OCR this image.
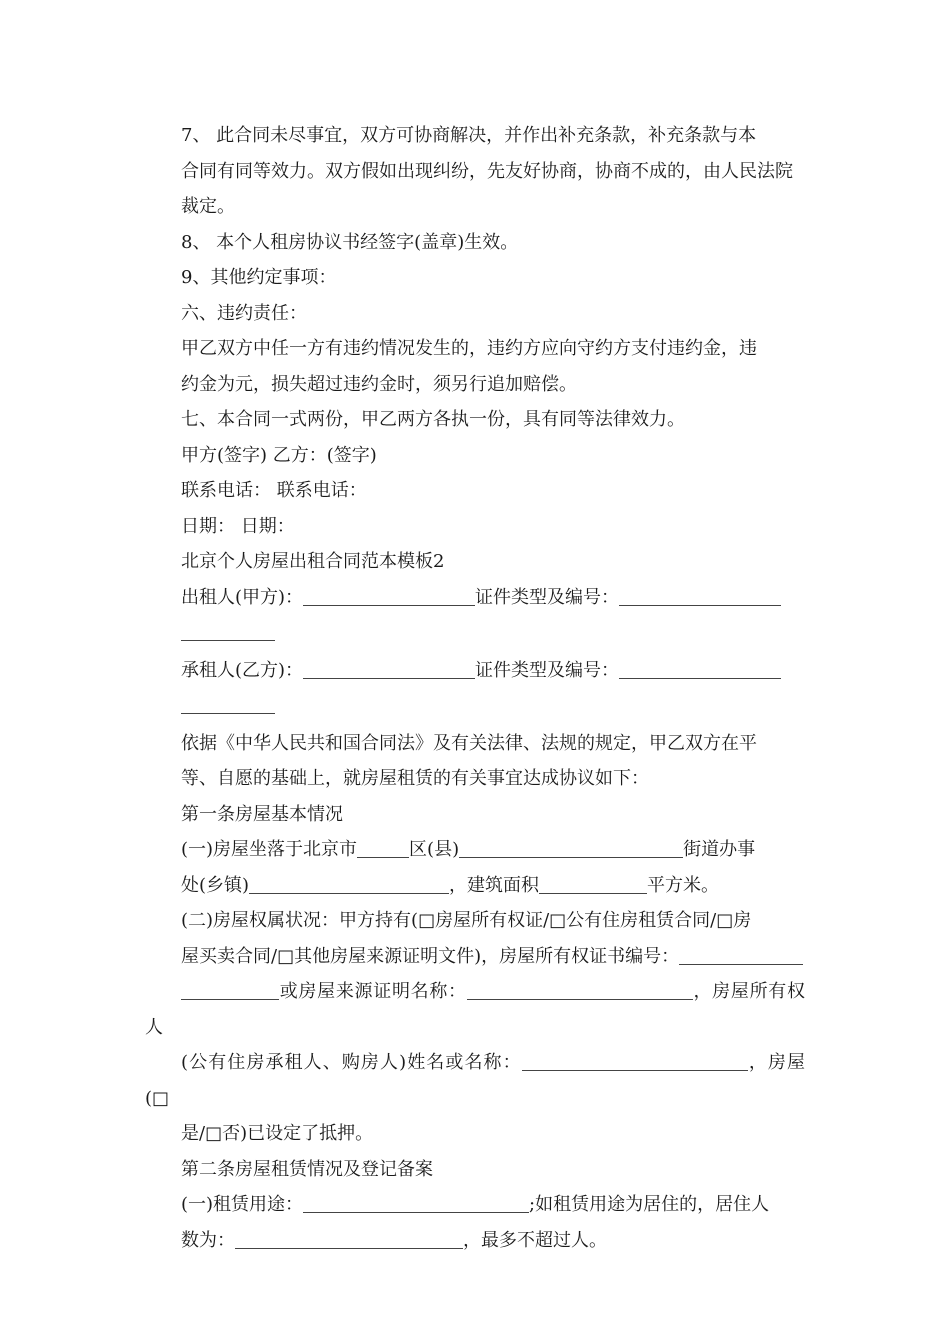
7、 此合同未尽事宜，双方可协商解决，并作出补充条款，补充条款与本
合同有同等效力。双方假如出现纠纷，先友好协商，协商不成的，由人民法院
裁定。

8、 本个人租房协议书经签字(盖章)生效。

9、其他约定事项：

六、违约责任：

甲乙双方中任一方有违约情况发生的，违约方应向守约方支付违约金，违
约金为元，损失超过违约金时，须另行追加赔偿。

七、本合同一式两份，甲乙两方各执一份，具有同等法律效力。

甲方(签字) 乙方：(签字)

联系电话： 联系电话：

日期： 日期：

北京个人房屋出租合同范本模板2

出租人(甲方)：	证件类型及编号：

承租人(乙方)：	证件类型及编号：

依据《中华人民共和国合同法》及有关法律、法规的规定，甲乙双方在平
等、自愿的基础上，就房屋租赁的有关事宜达成协议如下：

第一条房屋基本情况

(一)房屋坐落于北京市	区(县)	街道办事
处(乡镇)	，建筑面积	平方米。

(二)房屋权属状况：甲方持有(□房屋所有权证/□公有住房租赁合同/□房
屋买卖合同/□其他房屋来源证明文件)，房屋所有权证书编号：
或房屋来源证明名称：	，房屋所有权人
(公有住房承租人、购房人)姓名或名称：	，房屋(□
是/□否)已设定了抵押。

第二条房屋租赁情况及登记备案

(一)租赁用途：	;如租赁用途为居住的，居住人
数为：	，最多不超过人。
